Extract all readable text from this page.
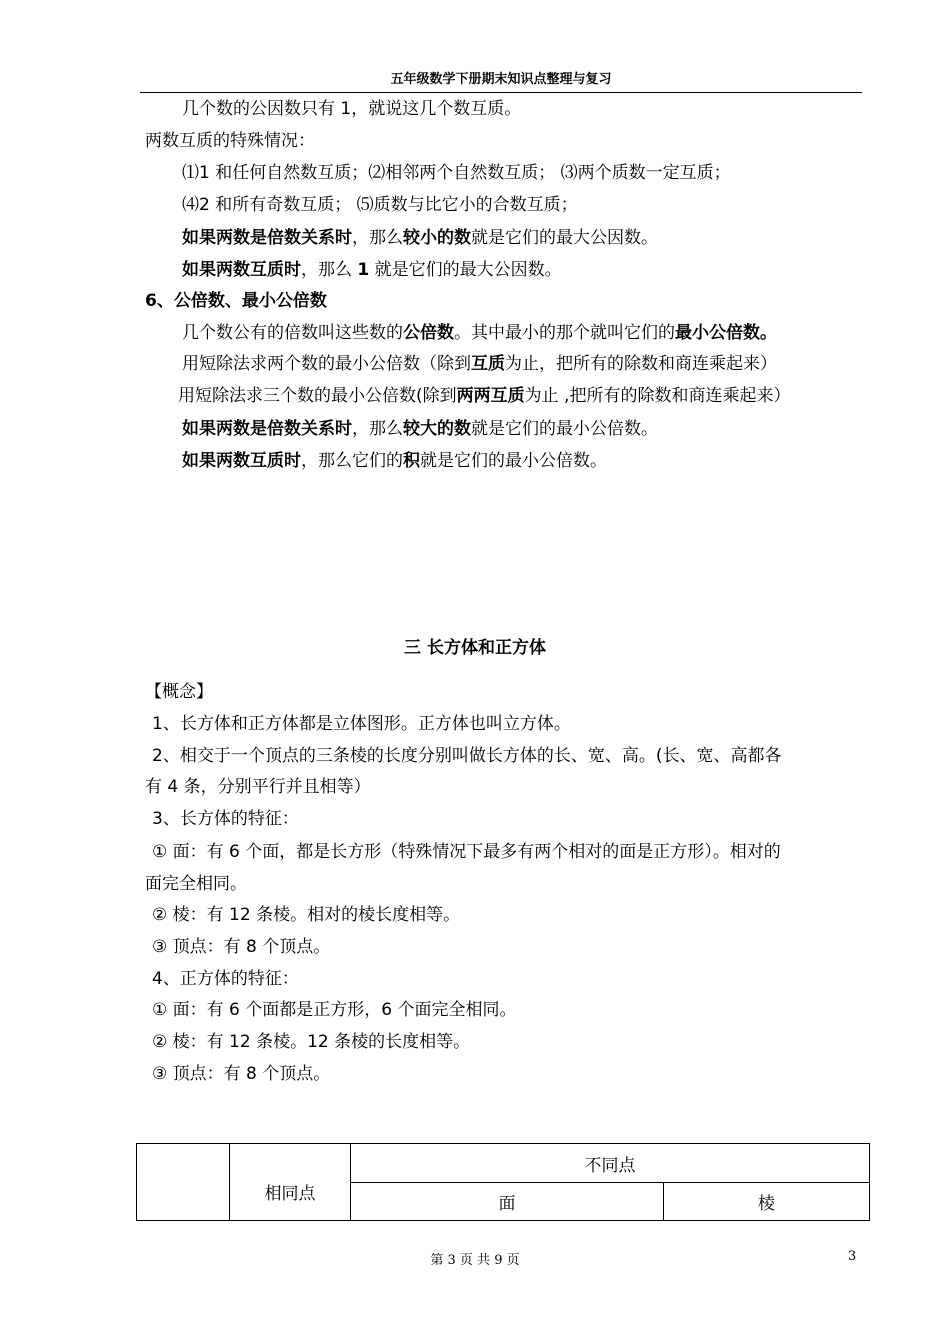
五年级数学下册期末知识点整理与复习
几个数的公因数只有 1，就说这几个数互质。
两数互质的特殊情况：
⑴1 和任何自然数互质；⑵相邻两个自然数互质； ⑶两个质数一定互质；
⑷2 和所有奇数互质； ⑸质数与比它小的合数互质；
如果两数是倍数关系时，那么较小的数就是它们的最大公因数。
如果两数互质时，那么 1 就是它们的最大公因数。
6、公倍数、最小公倍数
几个数公有的倍数叫这些数的公倍数。其中最小的那个就叫它们的最小公倍数。
用短除法求两个数的最小公倍数（除到互质为止，把所有的除数和商连乘起来）
用短除法求三个数的最小公倍数(除到两两互质为止 ,把所有的除数和商连乘起来）
如果两数是倍数关系时，那么较大的数就是它们的最小公倍数。
如果两数互质时，那么它们的积就是它们的最小公倍数。
三 长方体和正方体
【概念】
1、长方体和正方体都是立体图形。正方体也叫立方体。
2、相交于一个顶点的三条棱的长度分别叫做长方体的长、宽、高。(长、宽、高都各
有 4 条，分别平行并且相等）
3、长方体的特征：
① 面：有 6 个面，都是长方形（特殊情况下最多有两个相对的面是正方形）。相对的
面完全相同。
② 棱：有 12 条棱。相对的棱长度相等。
③ 顶点：有 8 个顶点。
4、正方体的特征：
① 面：有 6 个面都是正方形，6 个面完全相同。
② 棱：有 12 条棱。12 条棱的长度相等。
③ 顶点：有 8 个顶点。
	相同点	不同点	
		面	棱
第 3 页 共 9 页	3
